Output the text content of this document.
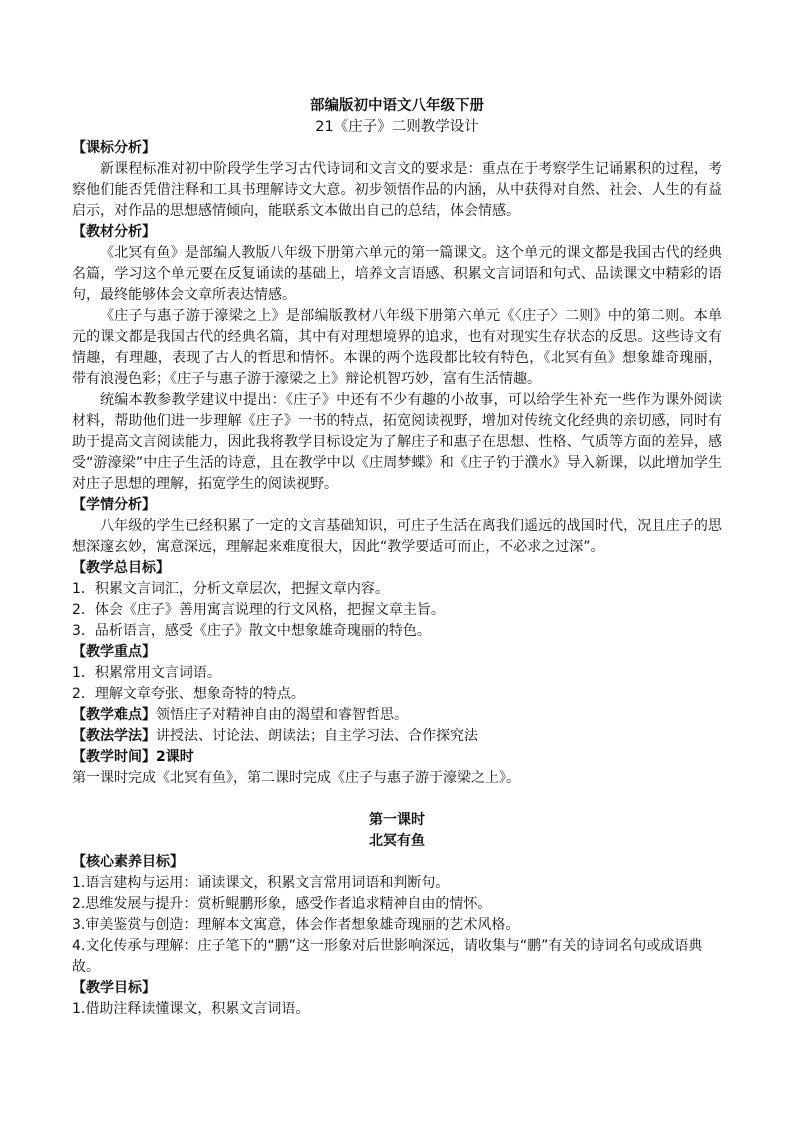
部编版初中语文八年级下册
21《庄子》二则教学设计
【课标分析】
新课程标准对初中阶段学生学习古代诗词和文言文的要求是：重点在于考察学生记诵累积的过程，考察他们能否凭借注释和工具书理解诗文大意。初步领悟作品的内涵，从中获得对自然、社会、人生的有益启示，对作品的思想感情倾向，能联系文本做出自己的总结，体会情感。
【教材分析】
《北冥有鱼》是部编人教版八年级下册第六单元的第一篇课文。这个单元的课文都是我国古代的经典名篇，学习这个单元要在反复诵读的基础上，培养文言语感、积累文言词语和句式、品读课文中精彩的语句，最终能够体会文章所表达情感。
《庄子与惠子游于濠梁之上》是部编版教材八年级下册第六单元《〈庄子〉二则》中的第二则。本单元的课文都是我国古代的经典名篇，其中有对理想境界的追求，也有对现实生存状态的反思。这些诗文有情趣，有理趣，表现了古人的哲思和情怀。本课的两个选段都比较有特色，《北冥有鱼》想象雄奇瑰丽，带有浪漫色彩；《庄子与惠子游于濠梁之上》辩论机智巧妙，富有生活情趣。
统编本教参教学建议中提出：《庄子》中还有不少有趣的小故事，可以给学生补充一些作为课外阅读材料，帮助他们进一步理解《庄子》一书的特点，拓宽阅读视野，增加对传统文化经典的亲切感，同时有助于提高文言阅读能力，因此我将教学目标设定为了解庄子和惠子在思想、性格、气质等方面的差异，感受“游濠梁”中庄子生活的诗意，且在教学中以《庄周梦蝶》和《庄子钓于濮水》导入新课，以此增加学生对庄子思想的理解，拓宽学生的阅读视野。
【学情分析】
八年级的学生已经积累了一定的文言基础知识，可庄子生活在离我们遥远的战国时代，况且庄子的思想深邃玄妙，寓意深远，理解起来难度很大，因此“教学要适可而止，不必求之过深”。
【教学总目标】
1．积累文言词汇，分析文章层次，把握文章内容。
2．体会《庄子》善用寓言说理的行文风格，把握文章主旨。
3．品析语言，感受《庄子》散文中想象雄奇瑰丽的特色。
【教学重点】
1．积累常用文言词语。
2．理解文章夸张、想象奇特的特点。
【教学难点】领悟庄子对精神自由的渴望和睿智哲思。
【教法学法】讲授法、讨论法、朗读法；自主学习法、合作探究法
【教学时间】2课时
第一课时完成《北冥有鱼》，第二课时完成《庄子与惠子游于濠梁之上》。
第一课时
北冥有鱼
【核心素养目标】
1.语言建构与运用：诵读课文，积累文言常用词语和判断句。
2.思维发展与提升：赏析鲲鹏形象，感受作者追求精神自由的情怀。
3.审美鉴赏与创造：理解本文寓意，体会作者想象雄奇瑰丽的艺术风格。
4.文化传承与理解：庄子笔下的“鹏”这一形象对后世影响深远，请收集与“鹏”有关的诗词名句或成语典故。
【教学目标】
1.借助注释读懂课文，积累文言词语。
